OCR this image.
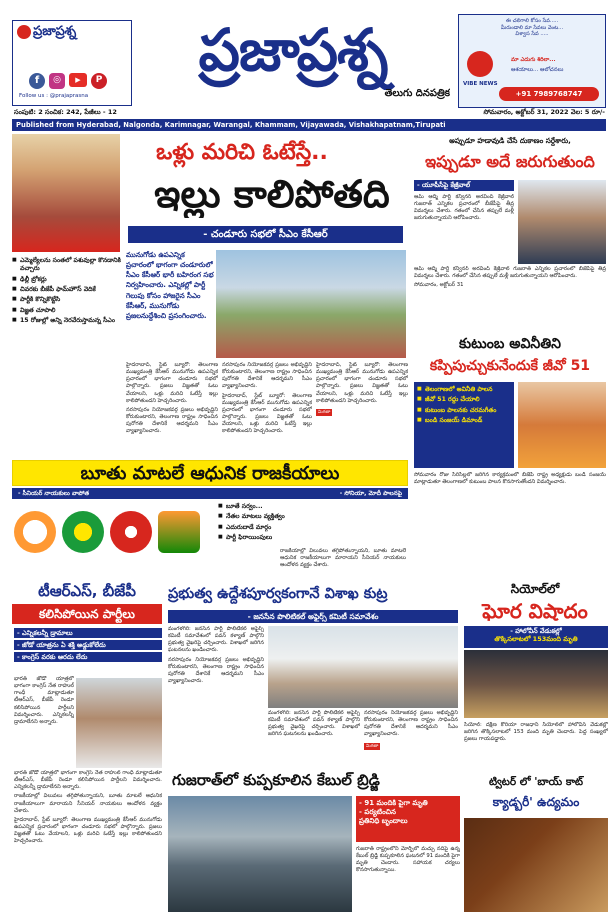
ప్రజాప్రశ్న
f	◎	▶	P
Follow us : @prajaprasna
ప్రజాప్రశ్న
తెలుగు దినపత్రిక
ఈ చలిగాలి కోసం సేవ.....
మీరుండాలి మా సేవలు వెంట...
విశ్వాస సేవ .....
VIBE NEWS
మా ఎదుగు శిరిలా...
ఆశయాలు... ఆలోచనలు
+91 7989768747
సంపుటి: 2 సంచిక: 242, పేజీలు - 12	సోమవారం, అక్టోబర్ 31, 2022 వెల: 5 రూ/-
Published from Hyderabad, Nalgonda, Karimnagar, Warangal, Khammam, Vijayawada, Vishakhapatnam,Tirupati
ఒళ్లు మరిచి ఓటేస్తే..
ఇల్లు కాలిపోతది
- చండూరు సభలో సీఎం కేసీఆర్
■ ఎమ్మెల్యేలను సంతలో పశువుల్లా కొనడానికి వచ్చారు
■ ఢిల్లీ బ్రోకర్లు
■ చివరకు బీజేపీ ఫామ్‌హౌస్ వెదికే
■ పార్టీకి కొన్నికొట్టేసి
■ విజ్ఞత చూపాలి
■ 15 రోజుల్లో అన్ని నెరవేరుస్తామన్న సీఎం
మునుగోడు ఉపఎన్నిక ప్రచారంలో భాగంగా చండూరులో సీఎం కేసీఆర్ భారీ బహిరంగ సభ నిర్వహించారు. ఎన్నికల్లో పార్టీ గెలుపు కోసం హాజరైన సీఎం కేసీఆర్, మునుగోడు ప్రజలనుద్దేశించి ప్రసంగించారు.

హైదరాబాద్, స్టేట్ బ్యూరో: తెలంగాణ ముఖ్యమంత్రి కేసీఆర్ మునుగోడు ఉపఎన్నిక ప్రచారంలో భాగంగా చండూరు సభలో పాల్గొన్నారు. ప్రజలు విజ్ఞతతో ఓటు వేయాలని, ఒళ్లు మరిచి ఓటేస్తే ఇల్లు కాలిపోతుందని హెచ్చరించారు.

నరసాపురం నియోజకవర్గ ప్రజలు అభివృద్ధిని కోరుకుంటారని, తెలంగాణ రాష్ట్రం సాధించిన పురోగతి దేశానికే ఆదర్శమని సీఎం వ్యాఖ్యానించారు.

నరసాపురం నియోజకవర్గ ప్రజలు అభివృద్ధిని కోరుకుంటారని, తెలంగాణ రాష్ట్రం సాధించిన పురోగతి దేశానికే ఆదర్శమని సీఎం వ్యాఖ్యానించారు.

హైదరాబాద్, స్టేట్ బ్యూరో: తెలంగాణ ముఖ్యమంత్రి కేసీఆర్ మునుగోడు ఉపఎన్నిక ప్రచారంలో భాగంగా చండూరు సభలో పాల్గొన్నారు. ప్రజలు విజ్ఞతతో ఓటు వేయాలని, ఒళ్లు మరిచి ఓటేస్తే ఇల్లు కాలిపోతుందని హెచ్చరించారు.

హైదరాబాద్, స్టేట్ బ్యూరో: తెలంగాణ ముఖ్యమంత్రి కేసీఆర్ మునుగోడు ఉపఎన్నిక ప్రచారంలో భాగంగా చండూరు సభలో పాల్గొన్నారు. ప్రజలు విజ్ఞతతో ఓటు వేయాలని, ఒళ్లు మరిచి ఓటేస్తే ఇల్లు కాలిపోతుందని హెచ్చరించారు.

మిగతా
అప్పుడూ హడావుడి చేసే దుకాణం సర్దేశారు,
ఇప్పుడూ అదే జరుగుతుంది
- యూపీసీపై కేజ్రీవాల్

ఆమ్ ఆద్మీ పార్టీ కన్వీనర్ అరవింద్ కేజ్రీవాల్ గుజరాత్ ఎన్నికల ప్రచారంలో బీజేపీపై తీవ్ర విమర్శలు చేశారు. గతంలో చేసిన తప్పులే మళ్లీ జరుగుతున్నాయని ఆరోపించారు.

ఆమ్ ఆద్మీ పార్టీ కన్వీనర్ అరవింద్ కేజ్రీవాల్ గుజరాత్ ఎన్నికల ప్రచారంలో బీజేపీపై తీవ్ర విమర్శలు చేశారు. గతంలో చేసిన తప్పులే మళ్లీ జరుగుతున్నాయని ఆరోపించారు.

సోమవారం, అక్టోబర్ 31

కుటుంబ అవినీతిని
కప్పిపుచ్చుకునేందుకే జీవో 51
■ తెలంగాణలో అవినీతి పాలన
■ జీవో 51 రద్దు చేయాలి
■ కుటుంబ పాలనకు చరమగీతం
■ బండి సంజయ్ డిమాండ్

సోమవారం రోజు సిరిసిల్లలో జరిగిన కార్యక్రమంలో బీజేపీ రాష్ట్ర అధ్యక్షుడు బండి సంజయ్ మాట్లాడుతూ తెలంగాణలో కుటుంబ పాలన కొనసాగుతోందని విమర్శించారు.

బూతు మాటలే ఆధునిక రాజకీయాలు
- సీనియర్ నాయకులు వాపోత	- సోనియా, మోదీ పాలనపై
■ బూతే సర్వం...
■ నేతల మాటలు వ్యక్తిత్వం
■ ఎదురుదాడే మార్గం
■ పార్టీ ఫిరాయింపులు

రాజకీయాల్లో విలువలు తగ్గిపోతున్నాయని, బూతు మాటలే ఆధునిక రాజకీయాలుగా మారాయని సీనియర్ నాయకులు ఆందోళన వ్యక్తం చేశారు.

టీఆర్ఎస్, బీజేపీ
కలిసిపోయిన పార్టీలు
- ఎన్నికలన్నీ డ్రామాలు
- జోడో యాత్రను ఏ శక్తి అడ్డుకోలేదు
- కాంగ్రెస్ వరకు ఆరదు లేదు

భారత్ జోడో యాత్రలో భాగంగా కాంగ్రెస్ నేత రాహుల్ గాంధీ మాట్లాడుతూ టీఆర్ఎస్, బీజేపీ రెండూ కలిసిపోయిన పార్టీలని విమర్శించారు. ఎన్నికలన్నీ డ్రామాలేనని అన్నారు.

భారత్ జోడో యాత్రలో భాగంగా కాంగ్రెస్ నేత రాహుల్ గాంధీ మాట్లాడుతూ టీఆర్ఎస్, బీజేపీ రెండూ కలిసిపోయిన పార్టీలని విమర్శించారు. ఎన్నికలన్నీ డ్రామాలేనని అన్నారు.

రాజకీయాల్లో విలువలు తగ్గిపోతున్నాయని, బూతు మాటలే ఆధునిక రాజకీయాలుగా మారాయని సీనియర్ నాయకులు ఆందోళన వ్యక్తం చేశారు.

హైదరాబాద్, స్టేట్ బ్యూరో: తెలంగాణ ముఖ్యమంత్రి కేసీఆర్ మునుగోడు ఉపఎన్నిక ప్రచారంలో భాగంగా చండూరు సభలో పాల్గొన్నారు. ప్రజలు విజ్ఞతతో ఓటు వేయాలని, ఒళ్లు మరిచి ఓటేస్తే ఇల్లు కాలిపోతుందని హెచ్చరించారు.

ప్రభుత్వ ఉద్దేశపూర్వకంగానే విశాఖ కుట్ర
- జనసేన పొలిటికల్ అఫైర్స్ కమిటీ సమావేశం

మంగళగిరి: జనసేన పార్టీ పొలిటికల్ అఫైర్స్ కమిటీ సమావేశంలో పవన్ కళ్యాణ్ పాల్గొని ప్రభుత్వ వైఖరిపై చర్చించారు. విశాఖలో జరిగిన ఘటనలను ఖండించారు.

నరసాపురం నియోజకవర్గ ప్రజలు అభివృద్ధిని కోరుకుంటారని, తెలంగాణ రాష్ట్రం సాధించిన పురోగతి దేశానికే ఆదర్శమని సీఎం వ్యాఖ్యానించారు.

మంగళగిరి: జనసేన పార్టీ పొలిటికల్ అఫైర్స్ కమిటీ సమావేశంలో పవన్ కళ్యాణ్ పాల్గొని ప్రభుత్వ వైఖరిపై చర్చించారు. విశాఖలో జరిగిన ఘటనలను ఖండించారు.

నరసాపురం నియోజకవర్గ ప్రజలు అభివృద్ధిని కోరుకుంటారని, తెలంగాణ రాష్ట్రం సాధించిన పురోగతి దేశానికే ఆదర్శమని సీఎం వ్యాఖ్యానించారు.

మిగతా
సియోల్‌లో
ఘోర విషాదం
- హాలోవీన్ వేడుకల్లో
తొక్కిసలాటలో 153మంది మృతి

సియోల్: దక్షిణ కొరియా రాజధాని సియోల్‌లో హాలోవీన్ వేడుకల్లో జరిగిన తొక్కిసలాటలో 153 మంది మృతి చెందారు. పెద్ద సంఖ్యలో ప్రజలు గాయపడ్డారు.

గుజరాత్‌లో కుప్పకూలిన కేబుల్ బ్రిడ్జి
- 91 మందికి పైగా మృతి
- పర్యటించిన
ప్రతినిధి బృందాలు

గుజరాత్ రాష్ట్రంలోని మోర్బీలో మచ్చు నదిపై ఉన్న కేబుల్ బ్రిడ్జి కుప్పకూలిన ఘటనలో 91 మందికి పైగా మృతి చెందారు. సహాయక చర్యలు కొనసాగుతున్నాయి.

ట్విటర్ లో 'బాయ్ కాట్
క్యాడ్బరీ' ఉద్యమం
